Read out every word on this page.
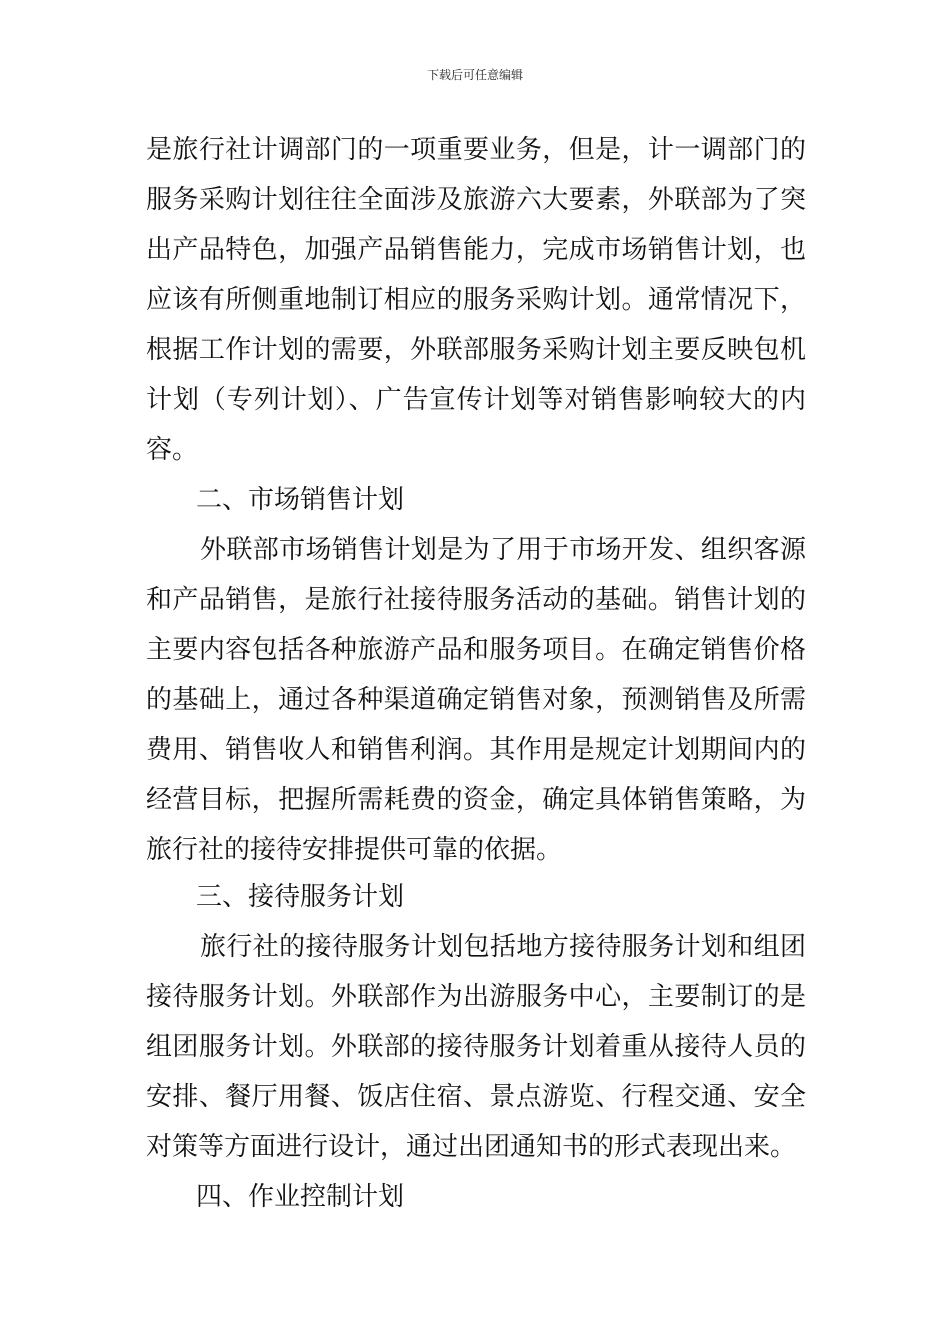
下载后可任意编辑
是旅行社计调部门的一项重要业务，但是，计一调部门的
服务采购计划往往全面涉及旅游六大要素，外联部为了突
出产品特色，加强产品销售能力，完成市场销售计划，也
应该有所侧重地制订相应的服务采购计划。通常情况下，
根据工作计划的需要，外联部服务采购计划主要反映包机
计划（专列计划）、广告宣传计划等对销售影响较大的内
容。
二、市场销售计划
外联部市场销售计划是为了用于市场开发、组织客源
和产品销售，是旅行社接待服务活动的基础。销售计划的
主要内容包括各种旅游产品和服务项目。在确定销售价格
的基础上，通过各种渠道确定销售对象，预测销售及所需
费用、销售收人和销售利润。其作用是规定计划期间内的
经营目标，把握所需耗费的资金，确定具体销售策略，为
旅行社的接待安排提供可靠的依据。
三、接待服务计划
旅行社的接待服务计划包括地方接待服务计划和组团
接待服务计划。外联部作为出游服务中心，主要制订的是
组团服务计划。外联部的接待服务计划着重从接待人员的
安排、餐厅用餐、饭店住宿、景点游览、行程交通、安全
对策等方面进行设计，通过出团通知书的形式表现出来。
四、作业控制计划
